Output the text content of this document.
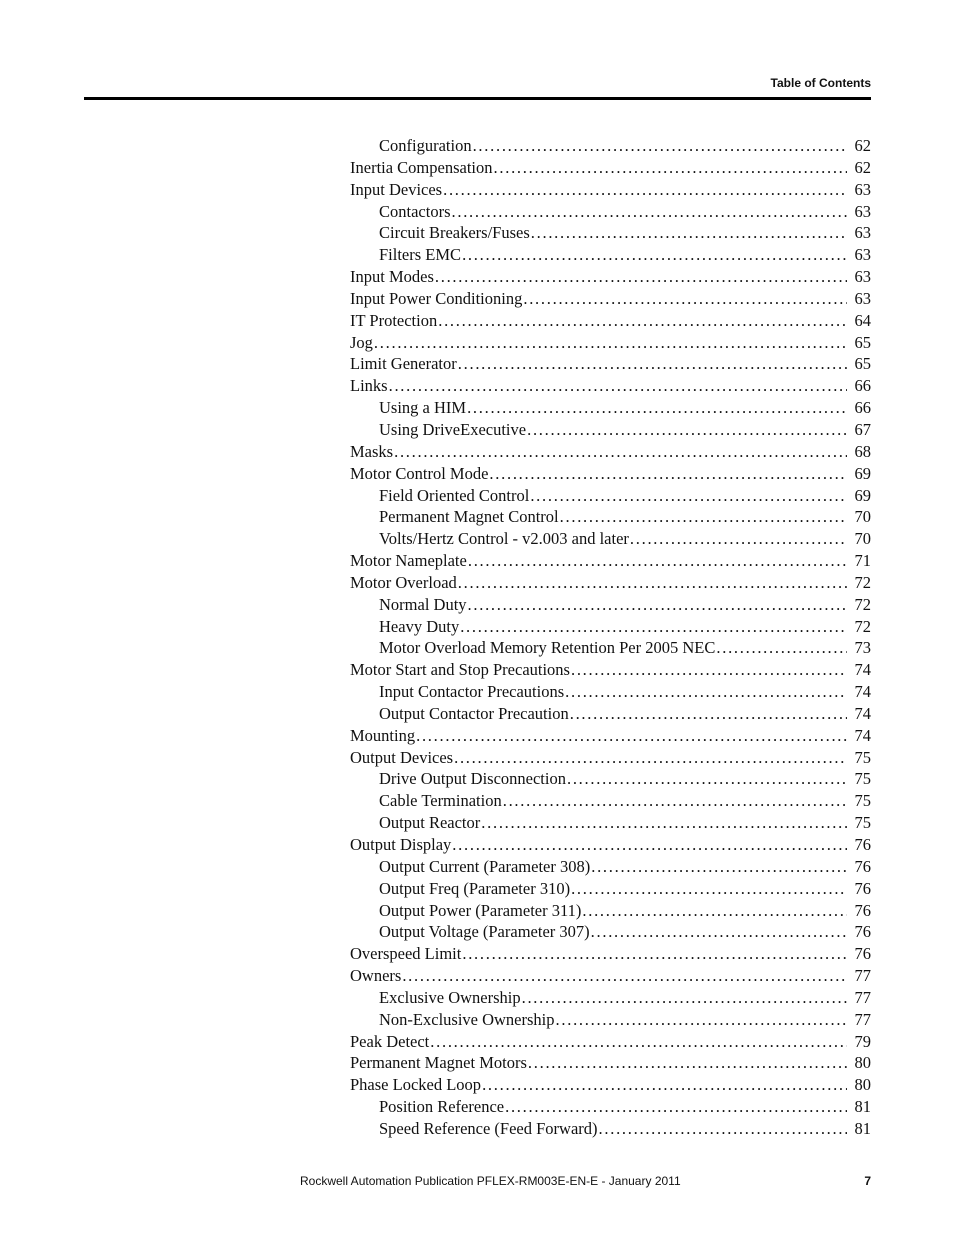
Table of Contents
Configuration . . .	62
Inertia Compensation . . .	62
Input Devices . . .	63
Contactors . . .	63
Circuit Breakers/Fuses . . .	63
Filters EMC . . .	63
Input Modes . . .	63
Input Power Conditioning . . .	63
IT Protection . . .	64
Jog . . .	65
Limit Generator . . .	65
Links . . .	66
Using a HIM . . .	66
Using DriveExecutive . . .	67
Masks . . .	68
Motor Control Mode . . .	69
Field Oriented Control . . .	69
Permanent Magnet Control . . .	70
Volts/Hertz Control - v2.003 and later . . .	70
Motor Nameplate . . .	71
Motor Overload . . .	72
Normal Duty . . .	72
Heavy Duty . . .	72
Motor Overload Memory Retention Per 2005 NEC . . .	73
Motor Start and Stop Precautions . . .	74
Input Contactor Precautions . . .	74
Output Contactor Precaution . . .	74
Mounting . . .	74
Output Devices . . .	75
Drive Output Disconnection . . .	75
Cable Termination . . .	75
Output Reactor . . .	75
Output Display . . .	76
Output Current (Parameter 308) . . .	76
Output Freq (Parameter 310) . . .	76
Output Power (Parameter 311) . . .	76
Output Voltage (Parameter 307) . . .	76
Overspeed Limit . . .	76
Owners . . .	77
Exclusive Ownership . . .	77
Non-Exclusive Ownership . . .	77
Peak Detect . . .	79
Permanent Magnet Motors . . .	80
Phase Locked Loop . . .	80
Position Reference . . .	81
Speed Reference (Feed Forward) . . .	81
Rockwell Automation Publication PFLEX-RM003E-EN-E - January 2011	7
